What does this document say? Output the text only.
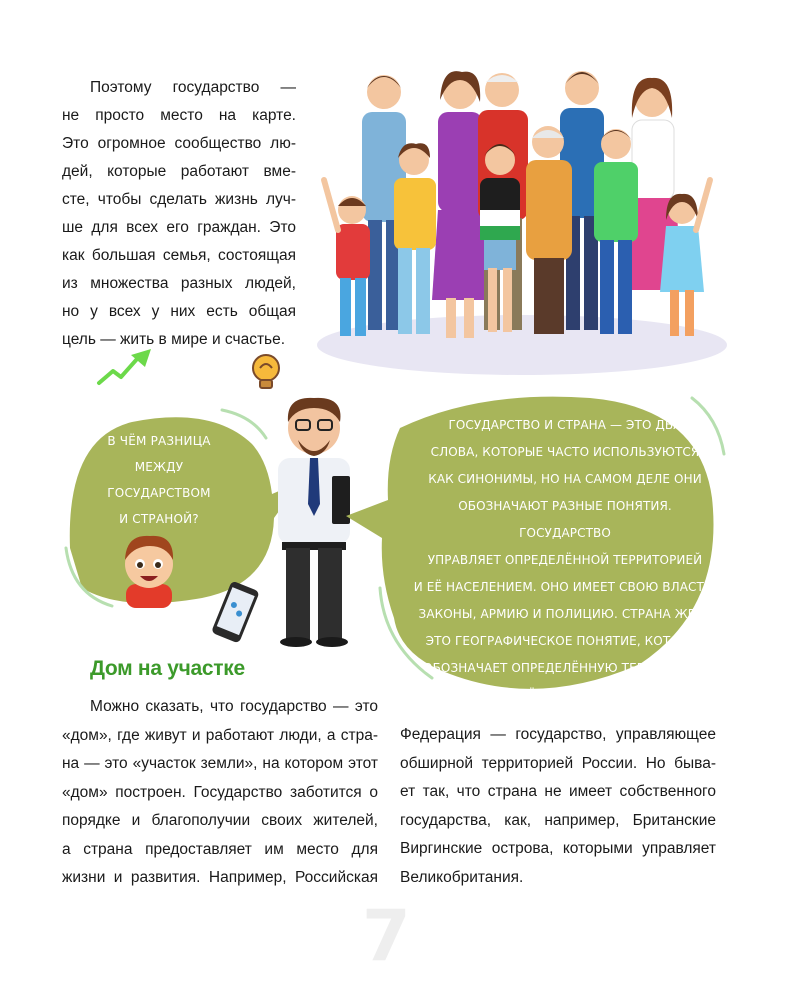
Поэтому государство —
не просто место на карте.
Это огромное сообщество лю-
дей, которые работают вме-
сте, чтобы сделать жизнь луч-
ше для всех его граждан. Это
как большая семья, состоящая
из множества разных людей,
но у всех у них есть общая
цель — жить в мире и счастье.
В ЧЁМ РАЗНИЦА
МЕЖДУ
ГОСУДАРСТВОМ
И СТРАНОЙ?
ГОСУДАРСТВО И СТРАНА — ЭТО ДВА
СЛОВА, КОТОРЫЕ ЧАСТО ИСПОЛЬЗУЮТСЯ
КАК СИНОНИМЫ, НО НА САМОМ ДЕЛЕ ОНИ
ОБОЗНАЧАЮТ РАЗНЫЕ ПОНЯТИЯ. ГОСУДАРСТВО
УПРАВЛЯЕТ ОПРЕДЕЛЁННОЙ ТЕРРИТОРИЕЙ
И ЕЁ НАСЕЛЕНИЕМ. ОНО ИМЕЕТ СВОЮ ВЛАСТЬ,
ЗАКОНЫ, АРМИЮ И ПОЛИЦИЮ. СТРАНА ЖЕ —
ЭТО ГЕОГРАФИЧЕСКОЕ ПОНЯТИЕ, КОТОРОЕ
ОБОЗНАЧАЕТ ОПРЕДЕЛЁННУЮ ТЕРРИТОРИЮ
С ЕЁ ГРАНИЦАМИ.
Дом на участке
Можно сказать, что государство — это
«дом», где живут и работают люди, а стра-
на — это «участок земли», на котором этот
«дом» построен. Государство заботится о
порядке и благополучии своих жителей,
а страна предоставляет им место для
жизни и развития. Например, Российская
Федерация — государство, управляющее
обширной территорией России. Но быва-
ет так, что страна не имеет собственного
государства, как, например, Британские
Виргинские острова, которыми управляет
Великобритания.
7
